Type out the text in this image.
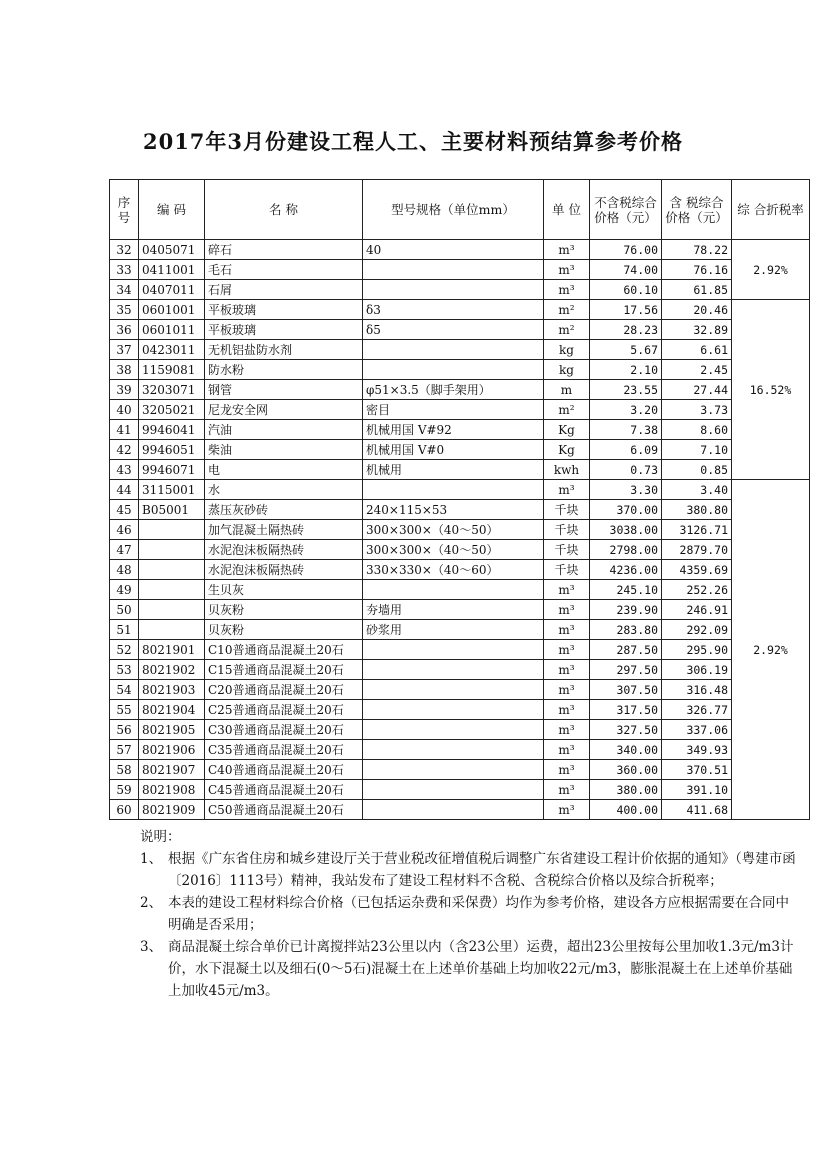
2017年3月份建设工程人工、主要材料预结算参考价格
序号	编 码	名 称	型号规格（单位mm）	单 位	不含税综合价格（元）	含 税综合价格（元）	综 合折税率
32	0405071	碎石	40	m³	76.00	78.22	2.92%
33	0411001	毛石		m³	74.00	76.16	
34	0407011	石屑		m³	60.10	61.85	
35	0601001	平板玻璃	δ3	m²	17.56	20.46	16.52%
36	0601011	平板玻璃	δ5	m²	28.23	32.89	
37	0423011	无机铝盐防水剂		kg	5.67	6.61	
38	1159081	防水粉		kg	2.10	2.45	
39	3203071	钢管	φ51×3.5（脚手架用）	m	23.55	27.44	
40	3205021	尼龙安全网	密目	m²	3.20	3.73	
41	9946041	汽油	机械用国 V#92	Kg	7.38	8.60	
42	9946051	柴油	机械用国 V#0	Kg	6.09	7.10	
43	9946071	电	机械用	kwh	0.73	0.85	
44	3115001	水		m³	3.30	3.40	2.92%
45	B05001	蒸压灰砂砖	240×115×53	千块	370.00	380.80	
46		加气混凝土隔热砖	300×300×（40～50）	千块	3038.00	3126.71	
47		水泥泡沫板隔热砖	300×300×（40～50）	千块	2798.00	2879.70	
48		水泥泡沫板隔热砖	330×330×（40～60）	千块	4236.00	4359.69	
49		生贝灰		m³	245.10	252.26	
50		贝灰粉	夯墙用	m³	239.90	246.91	
51		贝灰粉	砂浆用	m³	283.80	292.09	
52	8021901	C10普通商品混凝土20石		m³	287.50	295.90	
53	8021902	C15普通商品混凝土20石		m³	297.50	306.19	
54	8021903	C20普通商品混凝土20石		m³	307.50	316.48	
55	8021904	C25普通商品混凝土20石		m³	317.50	326.77	
56	8021905	C30普通商品混凝土20石		m³	327.50	337.06	
57	8021906	C35普通商品混凝土20石		m³	340.00	349.93	
58	8021907	C40普通商品混凝土20石		m³	360.00	370.51	
59	8021908	C45普通商品混凝土20石		m³	380.00	391.10	
60	8021909	C50普通商品混凝土20石		m³	400.00	411.68	
说明：
1、 根据《广东省住房和城乡建设厅关于营业税改征增值税后调整广东省建设工程计价依据的通知》（粤建市函〔2016〕1113号）精神，我站发布了建设工程材料不含税、含税综合价格以及综合折税率；
2、 本表的建设工程材料综合价格（已包括运杂费和采保费）均作为参考价格，建设各方应根据需要在合同中明确是否采用；
3、 商品混凝土综合单价已计离搅拌站23公里以内（含23公里）运费，超出23公里按每公里加收1.3元/m3计价，水下混凝土以及细石(0～5石)混凝土在上述单价基础上均加收22元/m3，膨胀混凝土在上述单价基础上加收45元/m3。
